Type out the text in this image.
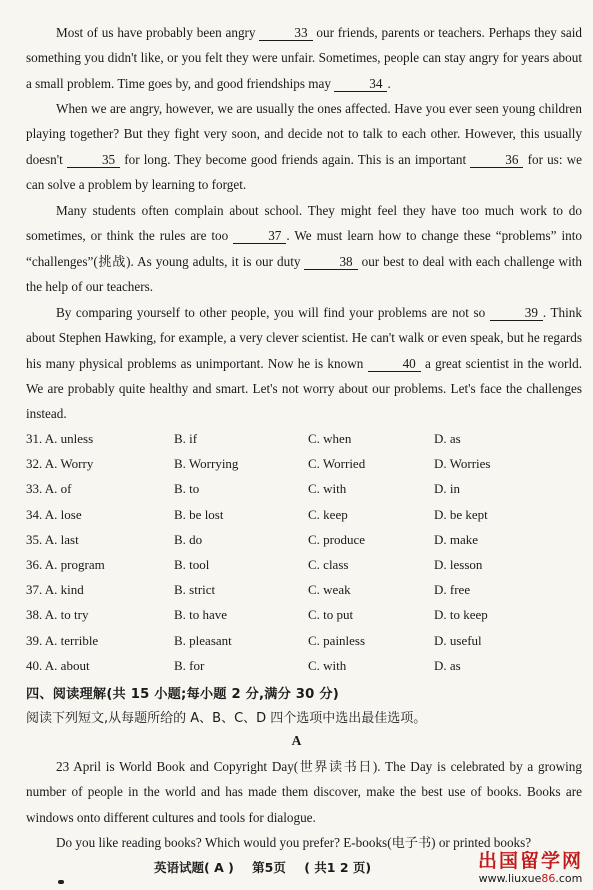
Most of us have probably been angry	33 our friends, parents or teachers. Perhaps they said something you didn't like, or you felt they were unfair. Sometimes, people can stay angry for years about a small problem. Time goes by, and good friendships may	34 .

When we are angry, however, we are usually the ones affected. Have you ever seen young children playing together? But they fight very soon, and decide not to talk to each other. However, this usually doesn't	35 for long. They become good friends again. This is an important	36 for us: we can solve a problem by learning to forget.

Many students often complain about school. They might feel they have too much work to do sometimes, or think the rules are too	37 . We must learn how to change these “problems” into “challenges”(挑战). As young adults, it is our duty	38 our best to deal with each challenge with the help of our teachers.

By comparing yourself to other people, you will find your problems are not so	39 . Think about Stephen Hawking, for example, a very clever scientist. He can't walk or even speak, but he regards his many physical problems as unimportant. Now he is known	40 a great scientist in the world. We are probably quite healthy and smart. Let's not worry about our problems. Let's face the challenges instead.

31. A. unless	B. if	C. when	D. as
32. A. Worry	B. Worrying	C. Worried	D. Worries
33. A. of	B. to	C. with	D. in
34. A. lose	B. be lost	C. keep	D. be kept
35. A. last	B. do	C. produce	D. make
36. A. program	B. tool	C. class	D. lesson
37. A. kind	B. strict	C. weak	D. free
38. A. to try	B. to have	C. to put	D. to keep
39. A. terrible	B. pleasant	C. painless	D. useful
40. A. about	B. for	C. with	D. as
四、阅读理解(共 15 小题;每小题 2 分,满分 30 分)
阅读下列短文,从每题所给的 A、B、C、D 四个选项中选出最佳选项。
A

23 April is World Book and Copyright Day(世界读书日). The Day is celebrated by a growing number of people in the world and has made them discover, make the best use of books. Books are windows onto different cultures and tools for dialogue.

Do you like reading books? Which would you prefer? E-books(电子书) or printed books?

英语试题( A ) 第5页 ( 共1 2 页)	出国留学网
www.liuxue86.com
